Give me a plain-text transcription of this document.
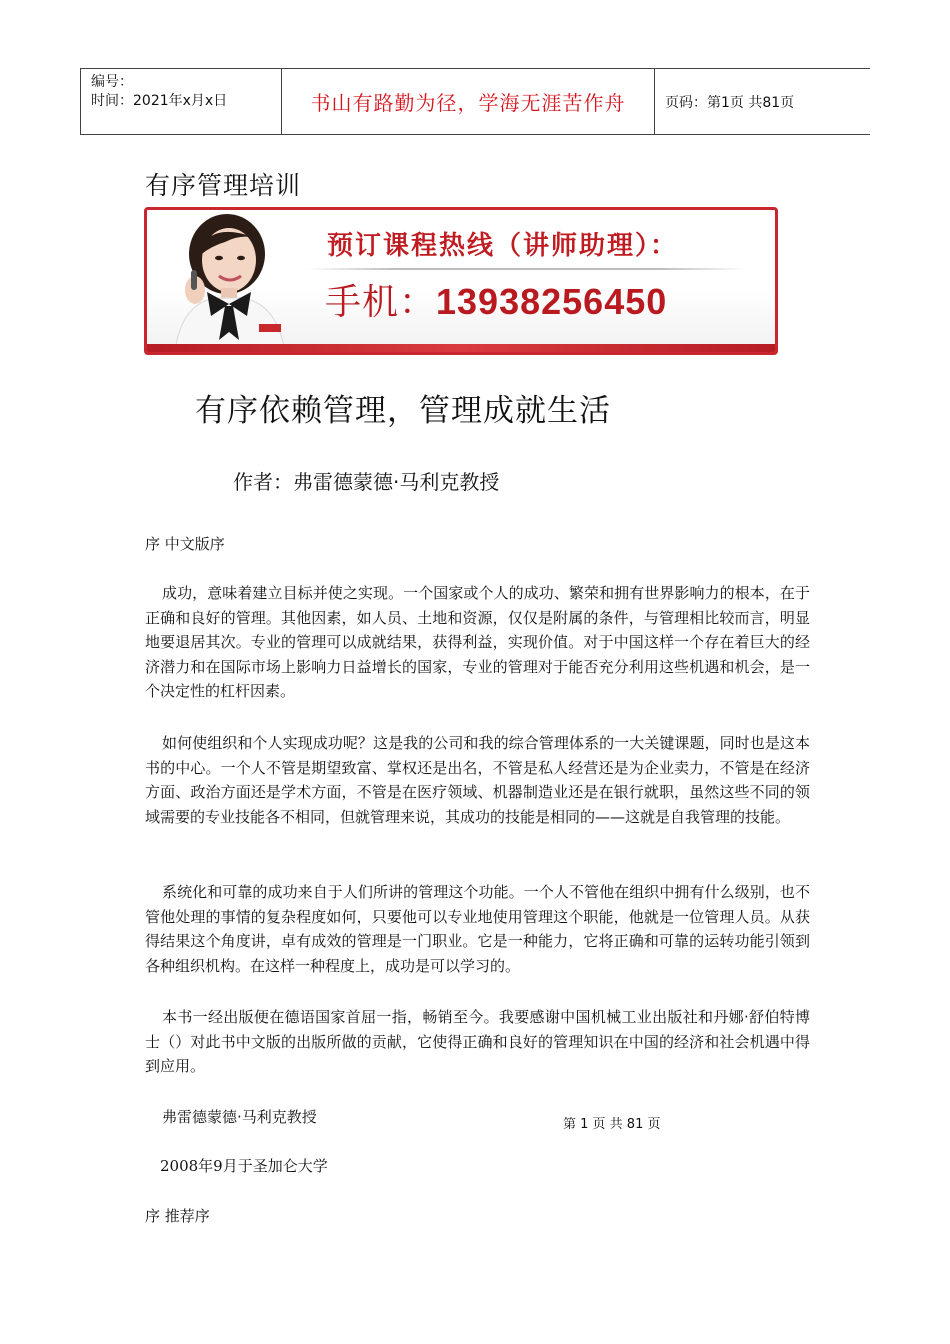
编号：
时间：2021年x月x日	书山有路勤为径，学海无涯苦作舟	页码：第1页 共81页
有序管理培训
预订课程热线（讲师助理）：
手机：13938256450
有序依赖管理，管理成就生活
作者：弗雷德蒙德·马利克教授
序 中文版序
成功，意味着建立目标并使之实现。一个国家或个人的成功、繁荣和拥有世界影响力的根本，在于正确和良好的管理。其他因素，如人员、土地和资源，仅仅是附属的条件，与管理相比较而言，明显地要退居其次。专业的管理可以成就结果，获得利益，实现价值。对于中国这样一个存在着巨大的经济潜力和在国际市场上影响力日益增长的国家，专业的管理对于能否充分利用这些机遇和机会，是一个决定性的杠杆因素。
如何使组织和个人实现成功呢？这是我的公司和我的综合管理体系的一大关键课题，同时也是这本书的中心。一个人不管是期望致富、掌权还是出名，不管是私人经营还是为企业卖力，不管是在经济方面、政治方面还是学术方面，不管是在医疗领域、机器制造业还是在银行就职，虽然这些不同的领域需要的专业技能各不相同，但就管理来说，其成功的技能是相同的——这就是自我管理的技能。
系统化和可靠的成功来自于人们所讲的管理这个功能。一个人不管他在组织中拥有什么级别，也不管他处理的事情的复杂程度如何，只要他可以专业地使用管理这个职能，他就是一位管理人员。从获得结果这个角度讲，卓有成效的管理是一门职业。它是一种能力，它将正确和可靠的运转功能引领到各种组织机构。在这样一种程度上，成功是可以学习的。
本书一经出版便在德语国家首屈一指，畅销至今。我要感谢中国机械工业出版社和丹娜·舒伯特博士（）对此书中文版的出版所做的贡献，它使得正确和良好的管理知识在中国的经济和社会机遇中得到应用。
弗雷德蒙德·马利克教授	第 1 页 共 81 页
2008年9月于圣加仑大学
序 推荐序
